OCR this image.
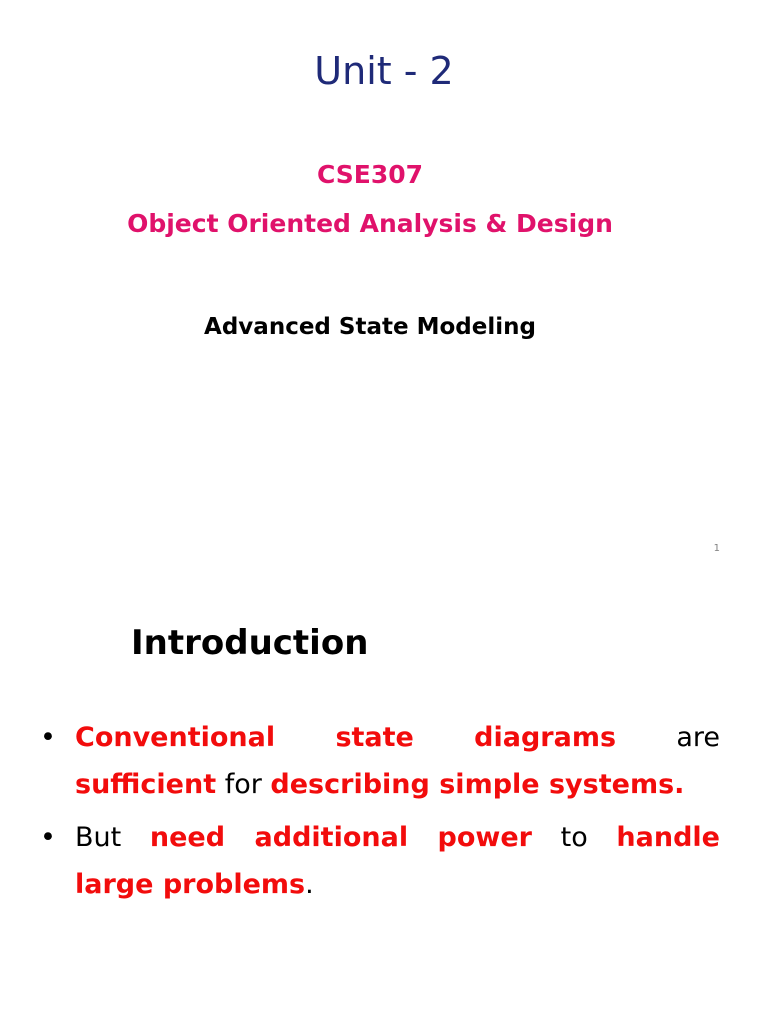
Unit - 2
CSE307
Object Oriented Analysis & Design
Advanced State Modeling
1
Introduction
• Conventional state diagrams are
sufficient for describing simple systems.
• But need additional power to handle
large problems.
